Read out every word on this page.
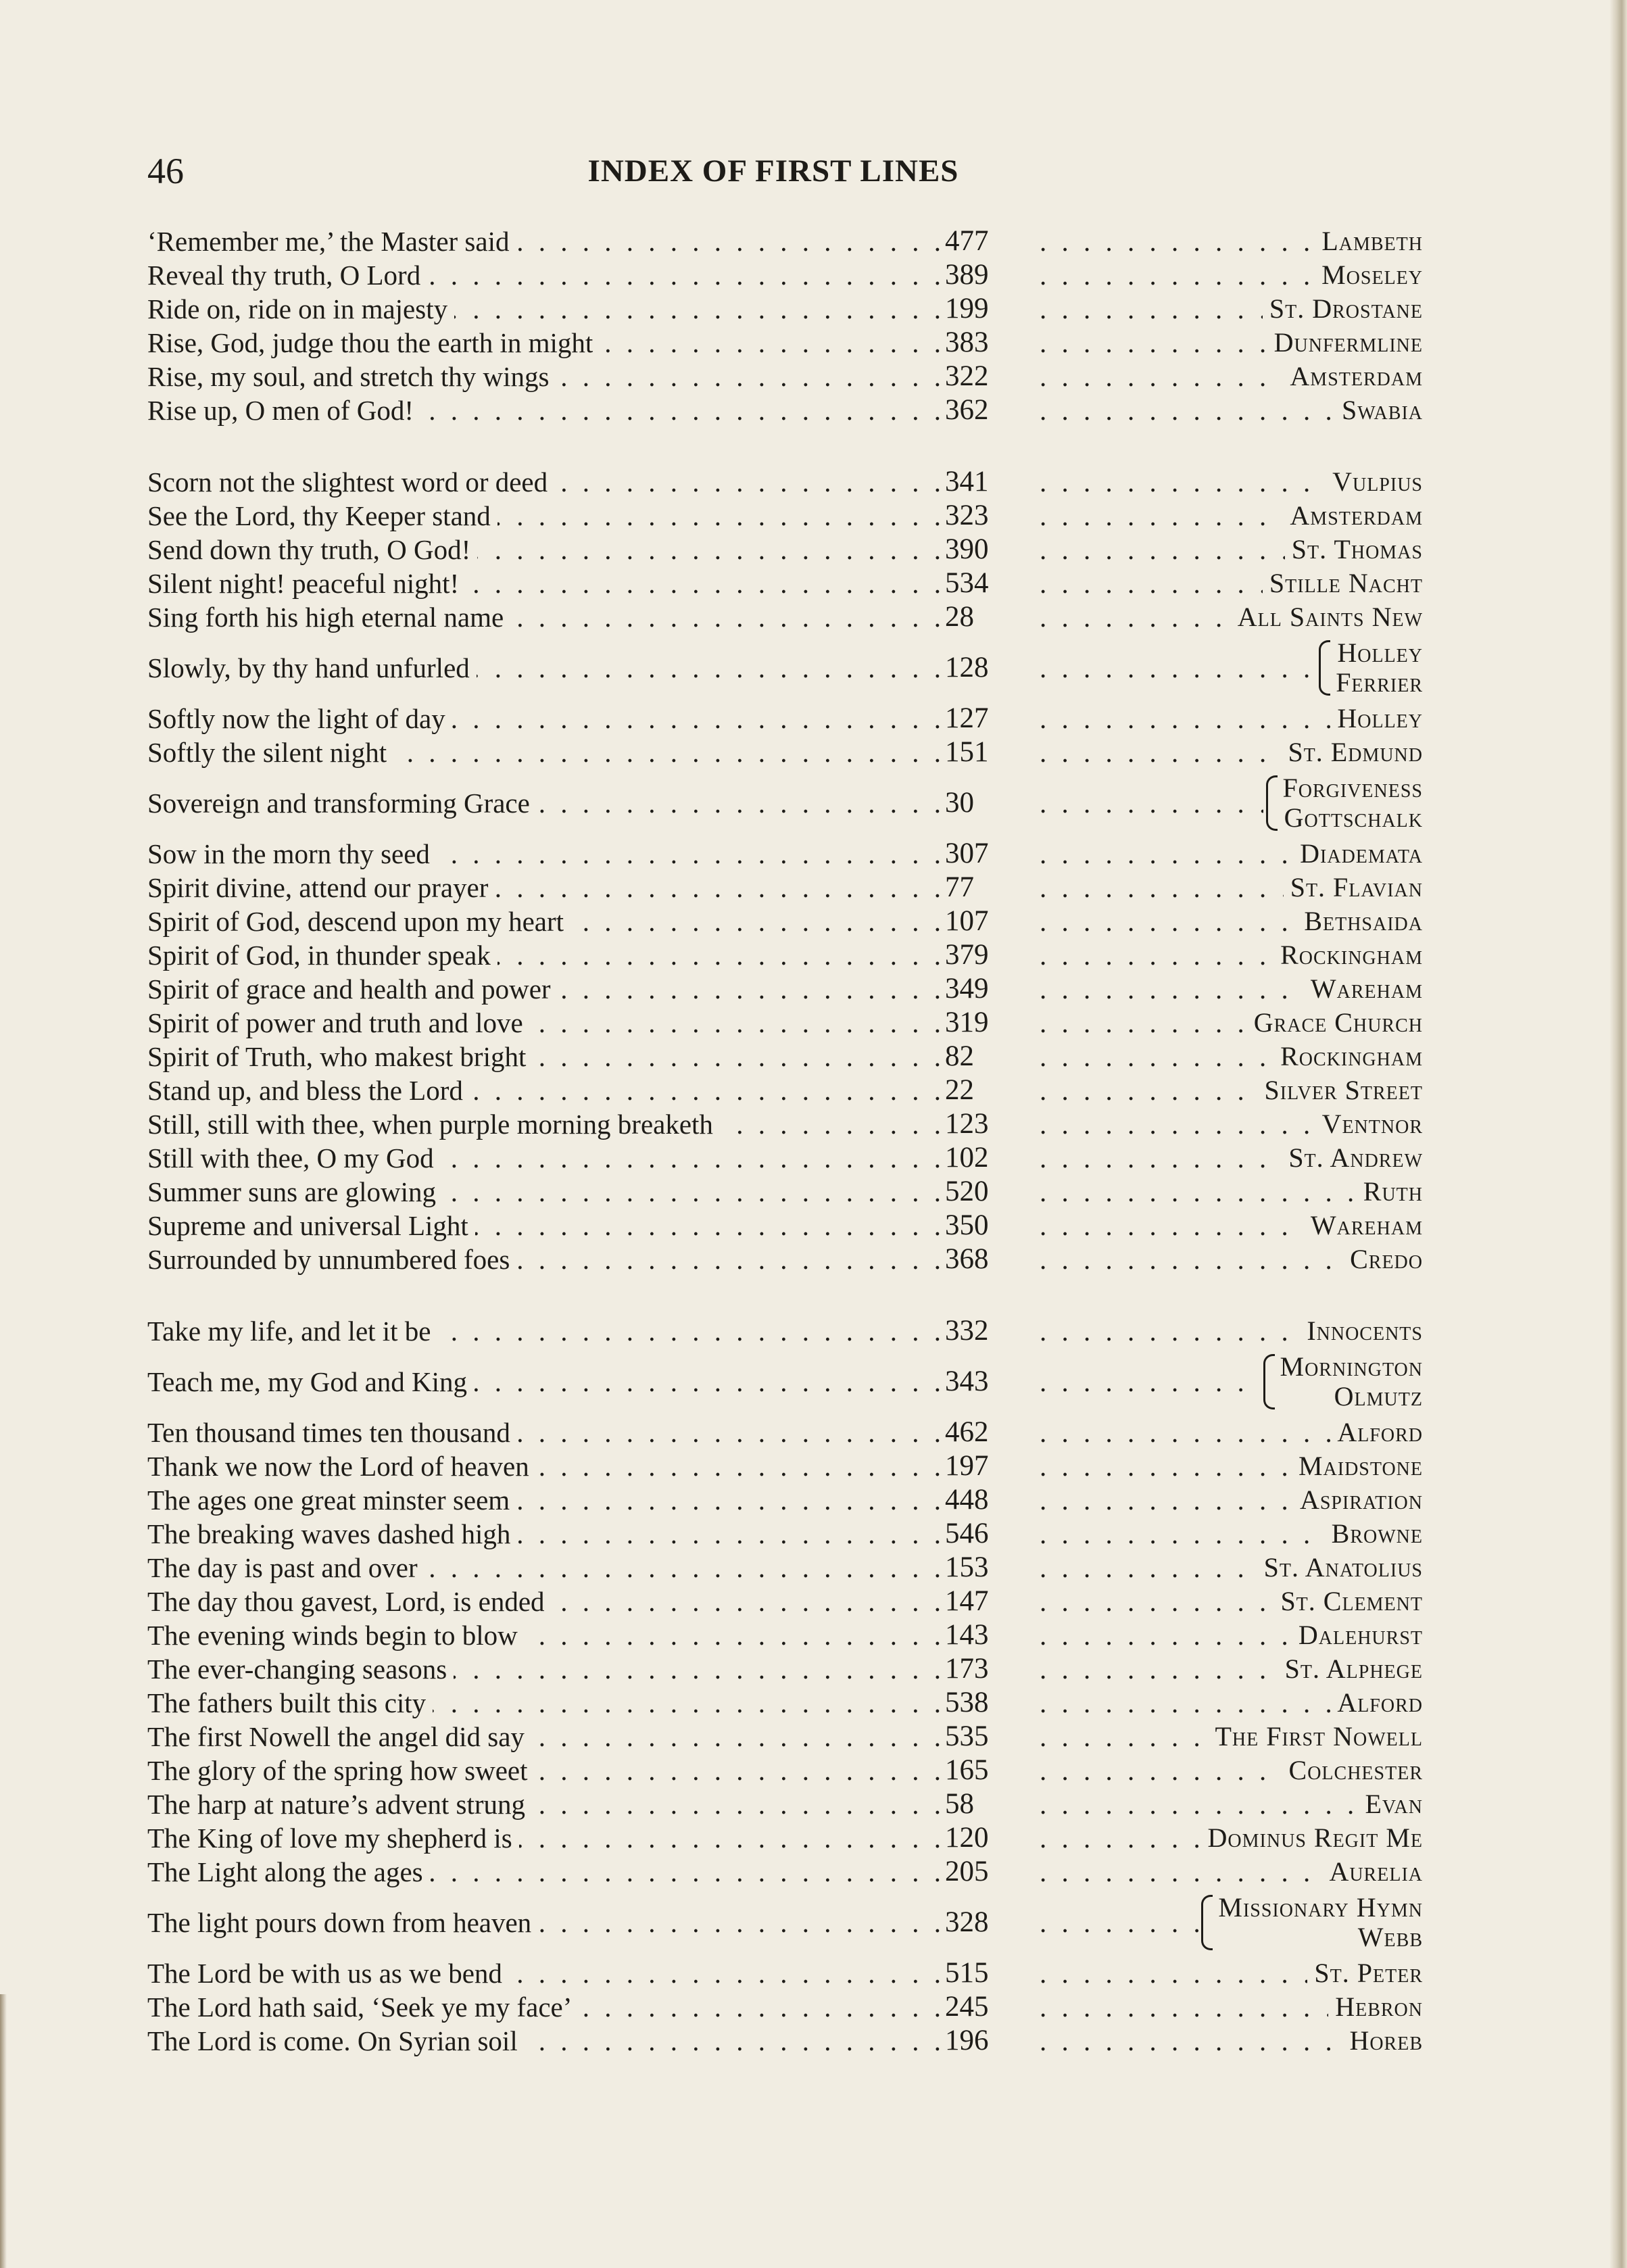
46	INDEX OF FIRST LINES
‘Remember me,’ the Master said . . .	477 . . .	Lambeth
Reveal thy truth, O Lord . . .	389 . . .	Moseley
Ride on, ride on in majesty . . .	199 . . .	St. Drostane
Rise, God, judge thou the earth in might . . .	383 . . .	Dunfermline
Rise, my soul, and stretch thy wings . . .	322 . . .	Amsterdam
Rise up, O men of God! . . .	362 . . .	Swabia
Scorn not the slightest word or deed . . .	341 . . .	Vulpius
See the Lord, thy Keeper stand . . .	323 . . .	Amsterdam
Send down thy truth, O God! . . .	390 . . .	St. Thomas
Silent night! peaceful night! . . .	534 . . .	Stille Nacht
Sing forth his high eternal name . . .	28 . . .	All Saints New
Slowly, by thy hand unfurled . . .	128 . . .	Holley
Ferrier
Softly now the light of day . . .	127 . . .	Holley
Softly the silent night . . .	151 . . .	St. Edmund
Sovereign and transforming Grace . . .	30 . . .	Forgiveness
Gottschalk
Sow in the morn thy seed . . .	307 . . .	Diademata
Spirit divine, attend our prayer . . .	77 . . .	St. Flavian
Spirit of God, descend upon my heart . . .	107 . . .	Bethsaida
Spirit of God, in thunder speak . . .	379 . . .	Rockingham
Spirit of grace and health and power . . .	349 . . .	Wareham
Spirit of power and truth and love . . .	319 . . .	Grace Church
Spirit of Truth, who makest bright . . .	82 . . .	Rockingham
Stand up, and bless the Lord . . .	22 . . .	Silver Street
Still, still with thee, when purple morning breaketh . . .	123 . . .	Ventnor
Still with thee, O my God . . .	102 . . .	St. Andrew
Summer suns are glowing . . .	520 . . .	Ruth
Supreme and universal Light . . .	350 . . .	Wareham
Surrounded by unnumbered foes . . .	368 . . .	Credo
Take my life, and let it be . . .	332 . . .	Innocents
Teach me, my God and King . . .	343 . . .	Mornington
Olmutz
Ten thousand times ten thousand . . .	462 . . .	Alford
Thank we now the Lord of heaven . . .	197 . . .	Maidstone
The ages one great minster seem . . .	448 . . .	Aspiration
The breaking waves dashed high . . .	546 . . .	Browne
The day is past and over . . .	153 . . .	St. Anatolius
The day thou gavest, Lord, is ended . . .	147 . . .	St. Clement
The evening winds begin to blow . . .	143 . . .	Dalehurst
The ever-changing seasons . . .	173 . . .	St. Alphege
The fathers built this city . . .	538 . . .	Alford
The first Nowell the angel did say . . .	535 . . .	The First Nowell
The glory of the spring how sweet . . .	165 . . .	Colchester
The harp at nature’s advent strung . . .	58 . . .	Evan
The King of love my shepherd is . . .	120 . . .	Dominus Regit Me
The Light along the ages . . .	205 . . .	Aurelia
The light pours down from heaven . . .	328 . . .	Missionary Hymn
Webb
The Lord be with us as we bend . . .	515 . . .	St. Peter
The Lord hath said, ‘Seek ye my face’ . . .	245 . . .	Hebron
The Lord is come. On Syrian soil . . .	196 . . .	Horeb
